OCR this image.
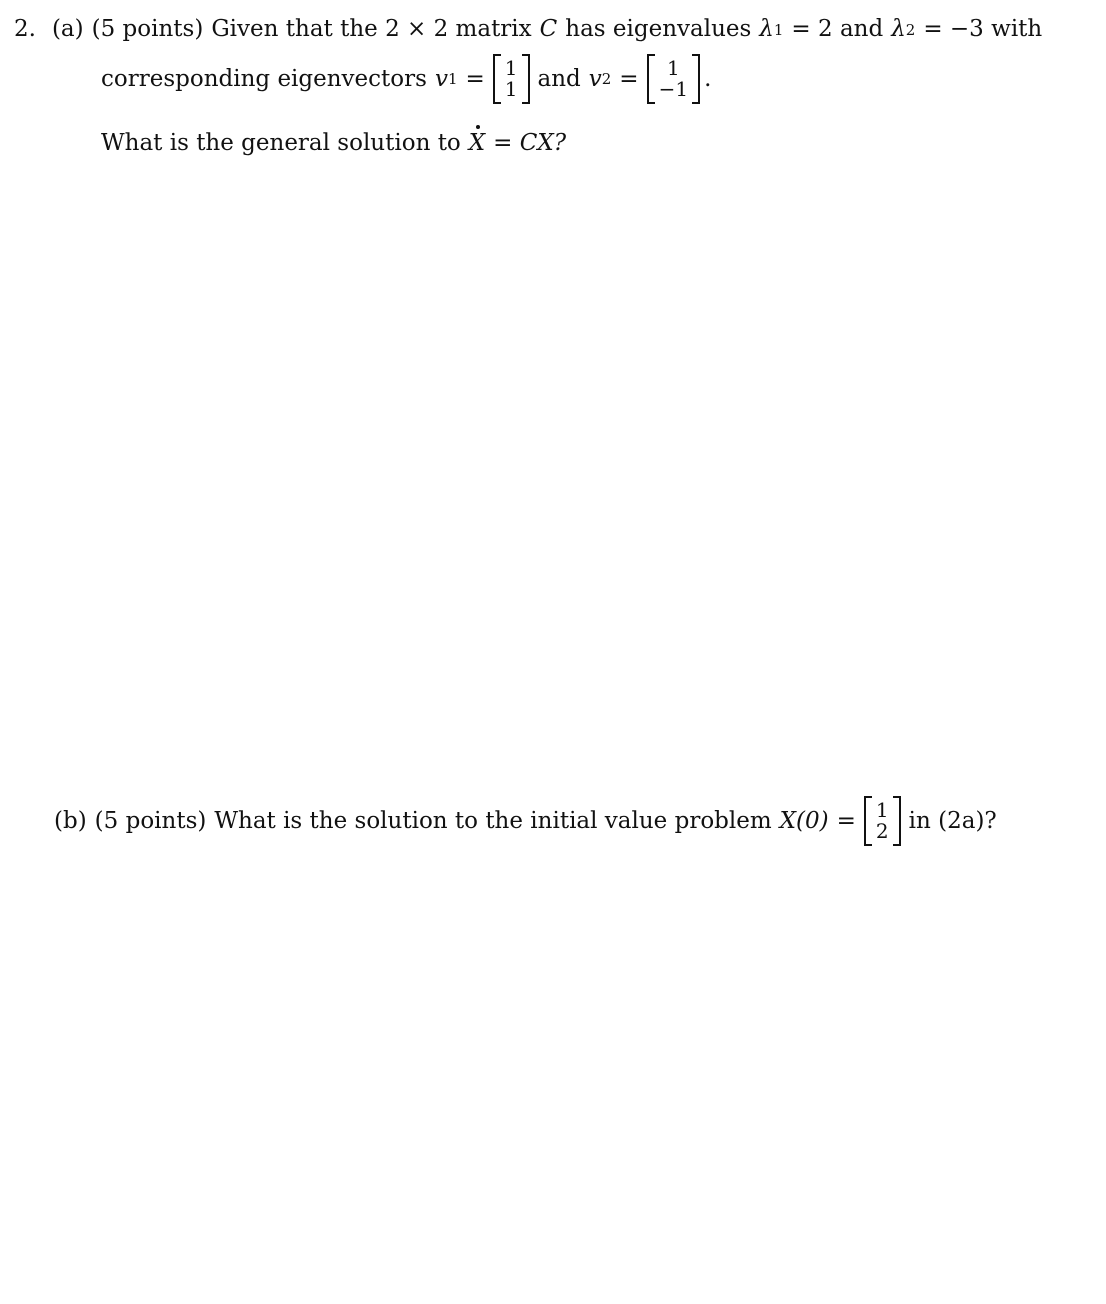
2. (a) (5 points) Given that the 2 × 2 matrix C has eigenvalues λ 1 = 2 and λ 2 = −3 with
corresponding eigenvectors v 1 = 1
1 and v 2 = 1
−1 .
What is the general solution to X = CX?
(b) (5 points) What is the solution to the initial value problem X(0) = 1
2 in (2a)?
